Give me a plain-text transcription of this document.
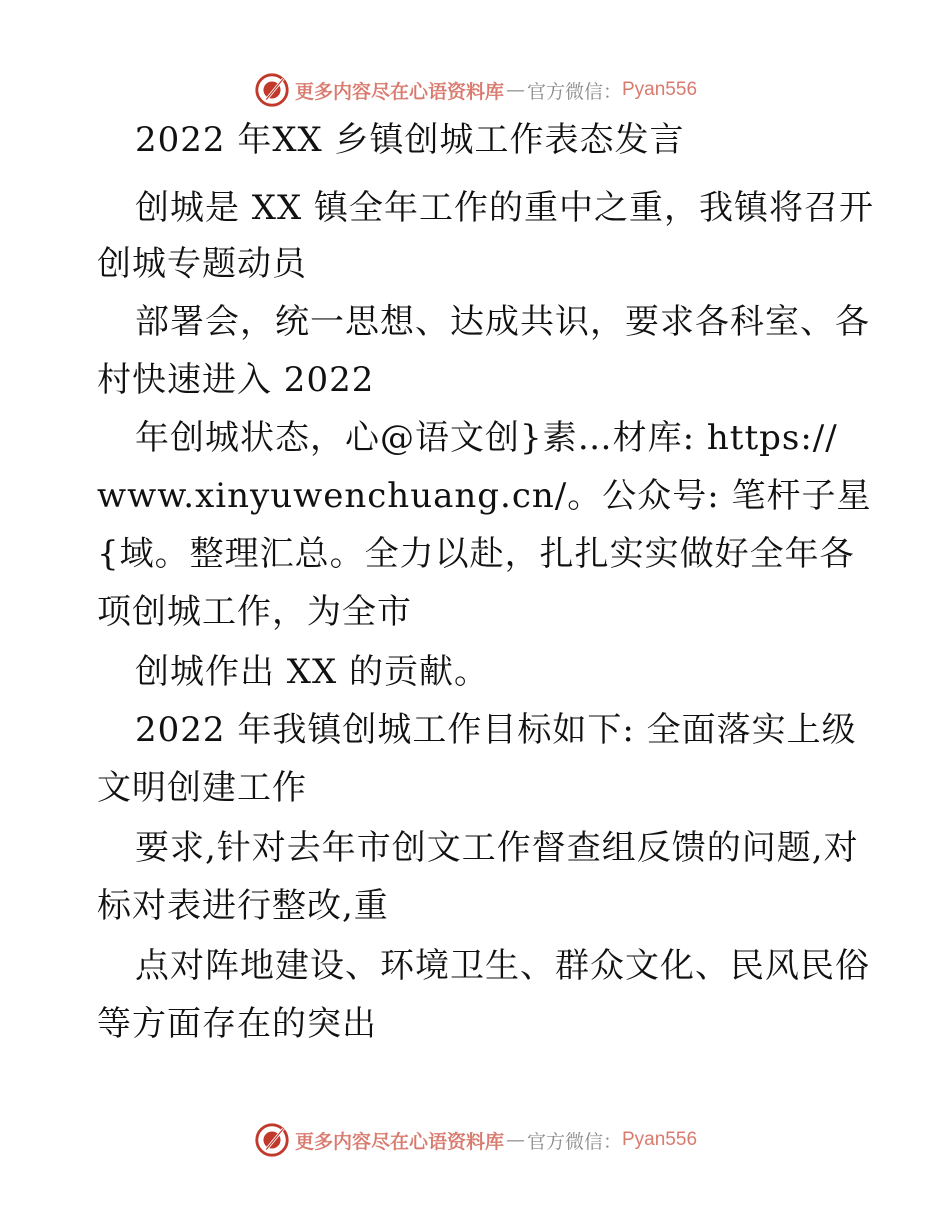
更多内容尽在心语资料库 — 官方微信： Pyan556
2022 年XX 乡镇创城工作表态发言
创城是 XX 镇全年工作的重中之重，我镇将召开
创城专题动员
部署会，统一思想、达成共识，要求各科室、各
村快速进入 2022
年创城状态，心@语文创}素…材库: https://
www.xinyuwenchuang.cn/。公众号: 笔杆子星
{域。整理汇总。全力以赴，扎扎实实做好全年各
项创城工作，为全市
创城作出 XX 的贡献。
2022 年我镇创城工作目标如下: 全面落实上级
文明创建工作
要求,针对去年市创文工作督查组反馈的问题,对
标对表进行整改,重
点对阵地建设、环境卫生、群众文化、民风民俗
等方面存在的突出
更多内容尽在心语资料库 — 官方微信： Pyan556
